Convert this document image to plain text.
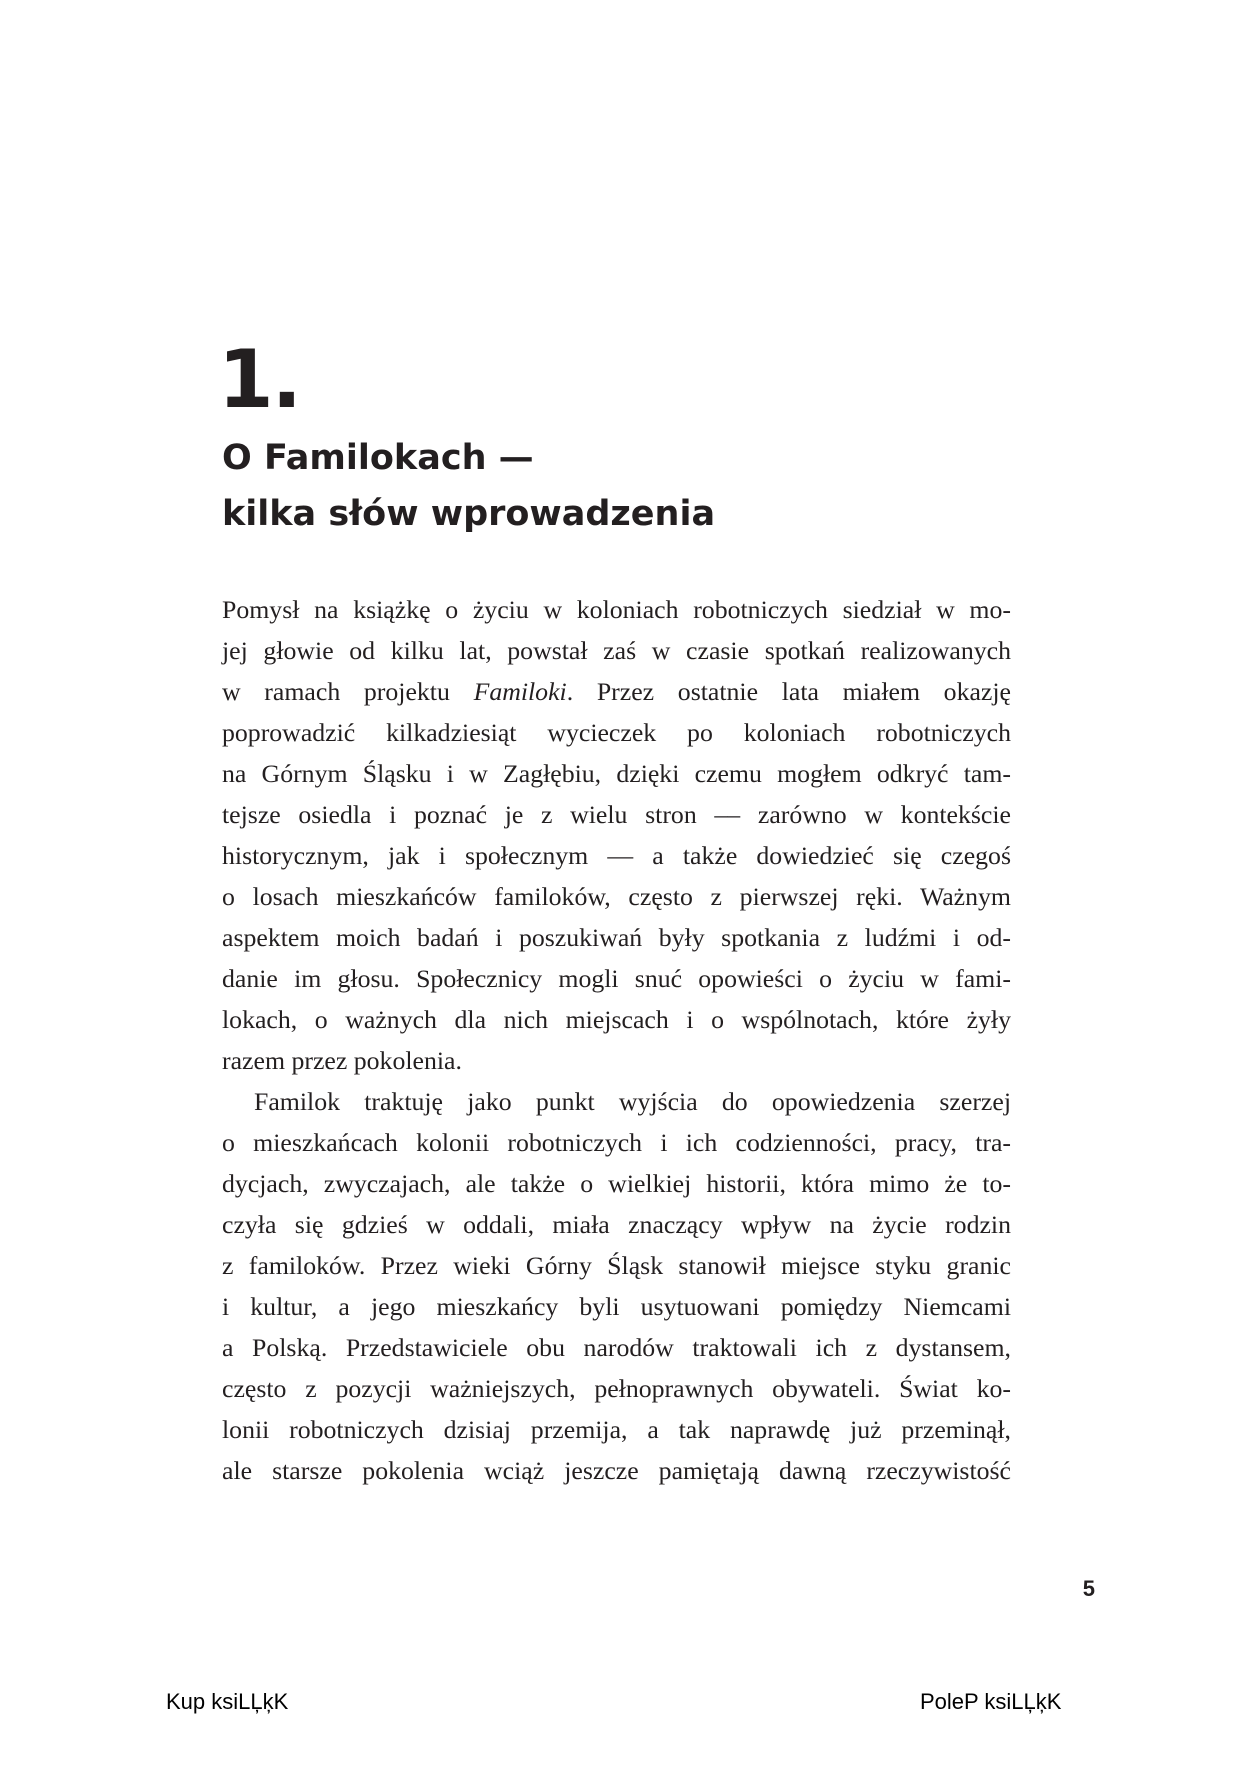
1.
O Familokach —
kilka słów wprowadzenia

Pomysł na książkę o życiu w koloniach robotniczych siedział w mo-
jej głowie od kilku lat, powstał zaś w czasie spotkań realizowanych
w ramach projektu Familoki. Przez ostatnie lata miałem okazję
poprowadzić kilkadziesiąt wycieczek po koloniach robotniczych
na Górnym Śląsku i w Zagłębiu, dzięki czemu mogłem odkryć tam-
tejsze osiedla i poznać je z wielu stron –– zarówno w kontekście
historycznym, jak i społecznym — a także dowiedzieć się czegoś
o losach mieszkańców familoków, często z pierwszej ręki. Ważnym
aspektem moich badań i poszukiwań były spotkania z ludźmi i od-
danie im głosu. Społecznicy mogli snuć opowieści o życiu w fami-
lokach, o ważnych dla nich miejscach i o wspólnotach, które żyły
razem przez pokolenia.

Familok traktuję jako punkt wyjścia do opowiedzenia szerzej
o mieszkańcach kolonii robotniczych i ich codzienności, pracy, tra-
dycjach, zwyczajach, ale także o wielkiej historii, która mimo że to-
czyła się gdzieś w oddali, miała znaczący wpływ na życie rodzin
z familoków. Przez wieki Górny Śląsk stanowił miejsce styku granic
i kultur, a jego mieszkańcy byli usytuowani pomiędzy Niemcami
a Polską. Przedstawiciele obu narodów traktowali ich z dystansem,
często z pozycji ważniejszych, pełnoprawnych obywateli. Świat ko-
lonii robotniczych dzisiaj przemija, a tak naprawdę już przeminął,
ale starsze pokolenia wciąż jeszcze pamiętają dawną rzeczywistość

5
Kup ksiLĻķK	PoleP ksiLĻķK
